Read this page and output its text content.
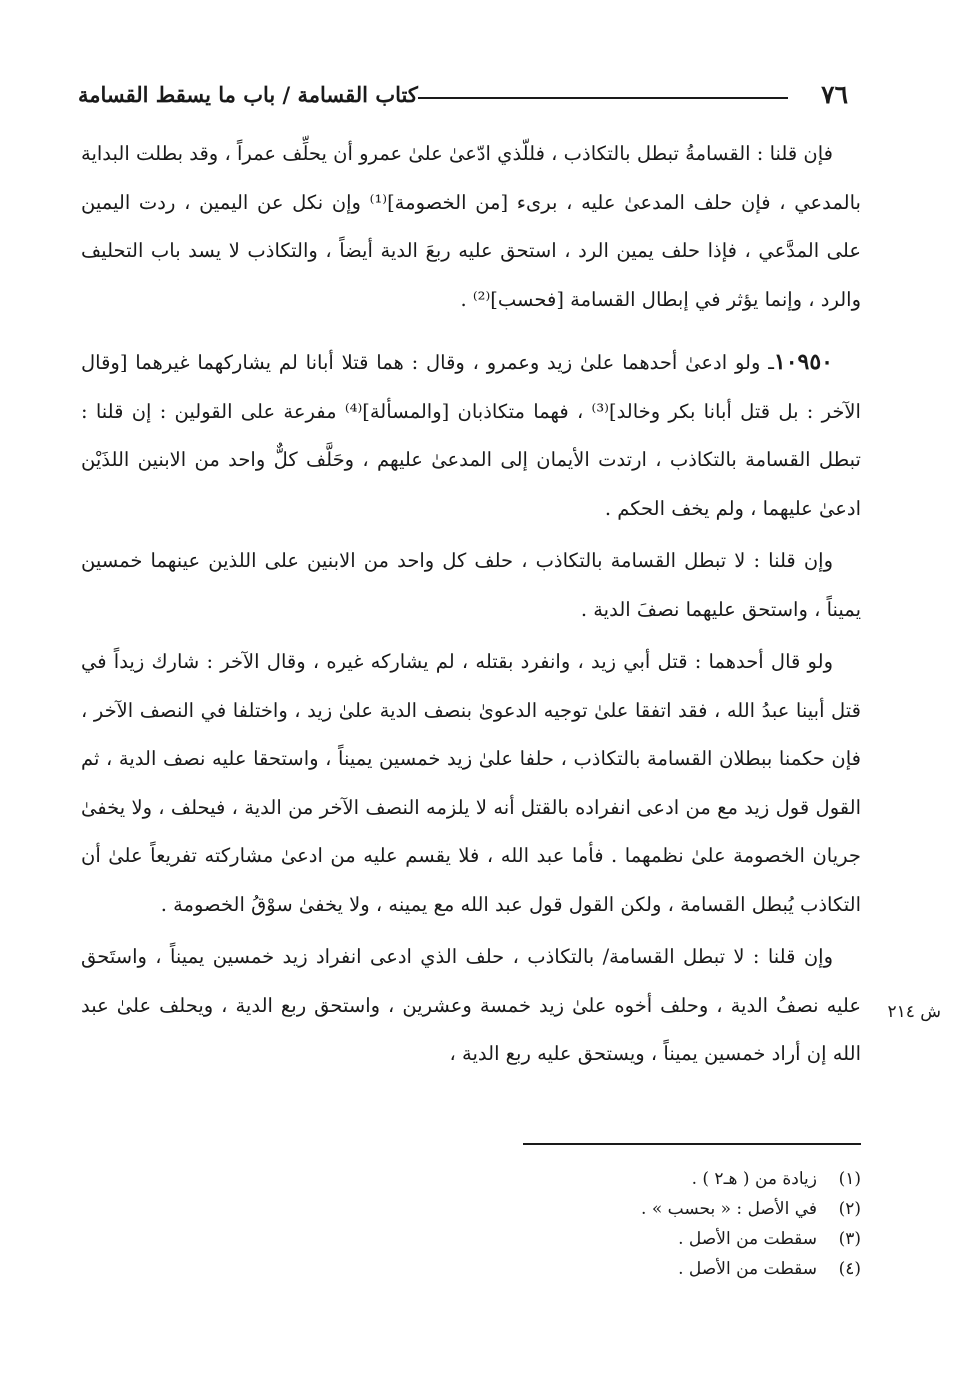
٧٦
كتاب القسامة / باب ما يسقط القسامة

فإن قلنا : القسامةُ تبطل بالتكاذب ، فللّذي ادّعىٰ علىٰ عمرو أن يحلِّف عمراً ، وقد بطلت البداية بالمدعي ، فإن حلف المدعىٰ عليه ، برىء [من الخصومة]⁽¹⁾ وإن نكل عن اليمين ، ردت اليمين على المدَّعي ، فإذا حلف يمين الرد ، استحق عليه ربعَ الدية أيضاً ، والتكاذب لا يسد باب التحليف والرد ، وإنما يؤثر في إبطال القسامة [فحسب]⁽²⁾ .

١٠٩٥٠ـ ولو ادعىٰ أحدهما علىٰ زيد وعمرو ، وقال : هما قتلا أبانا لم يشاركهما غيرهما [وقال الآخر : بل قتل أبانا بكر وخالد]⁽³⁾ ، فهما متكاذبان [والمسألة]⁽⁴⁾ مفرعة على القولين : إن قلنا : تبطل القسامة بالتكاذب ، ارتدت الأيمان إلى المدعىٰ عليهم ، وحَلَّف كلٌّ واحد من الابنين اللذَيْن ادعىٰ عليهما ، ولم يخف الحكم .

وإن قلنا : لا تبطل القسامة بالتكاذب ، حلف كل واحد من الابنين على اللذين عينهما خمسين يميناً ، واستحق عليهما نصفَ الدية .

ولو قال أحدهما : قتل أبي زيد ، وانفرد بقتله ، لم يشاركه غيره ، وقال الآخر : شارك زيداً في قتل أبينا عبدُ الله ، فقد اتفقا علىٰ توجيه الدعوىٰ بنصف الدية علىٰ زيد ، واختلفا في النصف الآخر ، فإن حكمنا ببطلان القسامة بالتكاذب ، حلفا علىٰ زيد خمسين يميناً ، واستحقا عليه نصف الدية ، ثم القول قول زيد مع من ادعى انفراده بالقتل أنه لا يلزمه النصف الآخر من الدية ، فيحلف ، ولا يخفىٰ جريان الخصومة علىٰ نظمهما . فأما عبد الله ، فلا يقسم عليه من ادعىٰ مشاركته تفريعاً علىٰ أن التكاذب يُبطل القسامة ، ولكن القول قول عبد الله مع يمينه ، ولا يخفىٰ سوْقُ الخصومة .

وإن قلنا : لا تبطل القسامة/ بالتكاذب ، حلف الذي ادعى انفراد زيد خمسين يميناً ، واستَحق عليه نصفُ الدية ، وحلف أخوه علىٰ زيد خمسة وعشرين ، واستحق ربع الدية ، ويحلف علىٰ عبد الله إن أراد خمسين يميناً ، ويستحق عليه ربع الدية ،

ش ٢١٤
(١)زيادة من ( هـ٢ ) .
(٢)في الأصل : « بحسب » .
(٣)سقطت من الأصل .
(٤)سقطت من الأصل .
